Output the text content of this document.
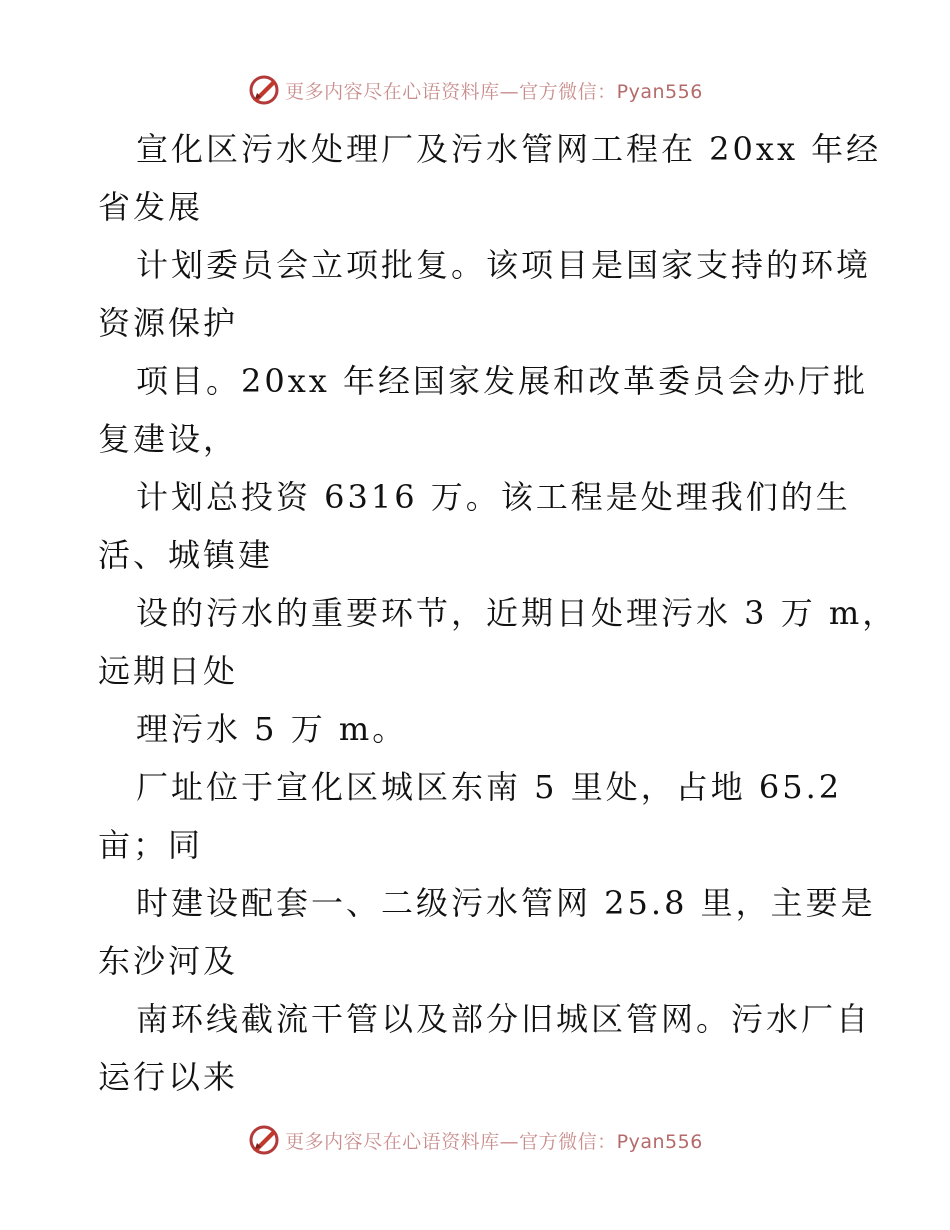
更多内容尽在心语资料库—官方微信：Pyan556
宣化区污水处理厂及污水管网工程在 20xx 年经
省发展
计划委员会立项批复。该项目是国家支持的环境
资源保护
项目。20xx 年经国家发展和改革委员会办厅批
复建设，
计划总投资 6316 万。该工程是处理我们的生
活、城镇建
设的污水的重要环节，近期日处理污水 3 万 m，
远期日处
理污水 5 万 m。
厂址位于宣化区城区东南 5 里处，占地 65.2
亩；同
时建设配套一、二级污水管网 25.8 里，主要是
东沙河及
南环线截流干管以及部分旧城区管网。污水厂自
运行以来
更多内容尽在心语资料库—官方微信：Pyan556
